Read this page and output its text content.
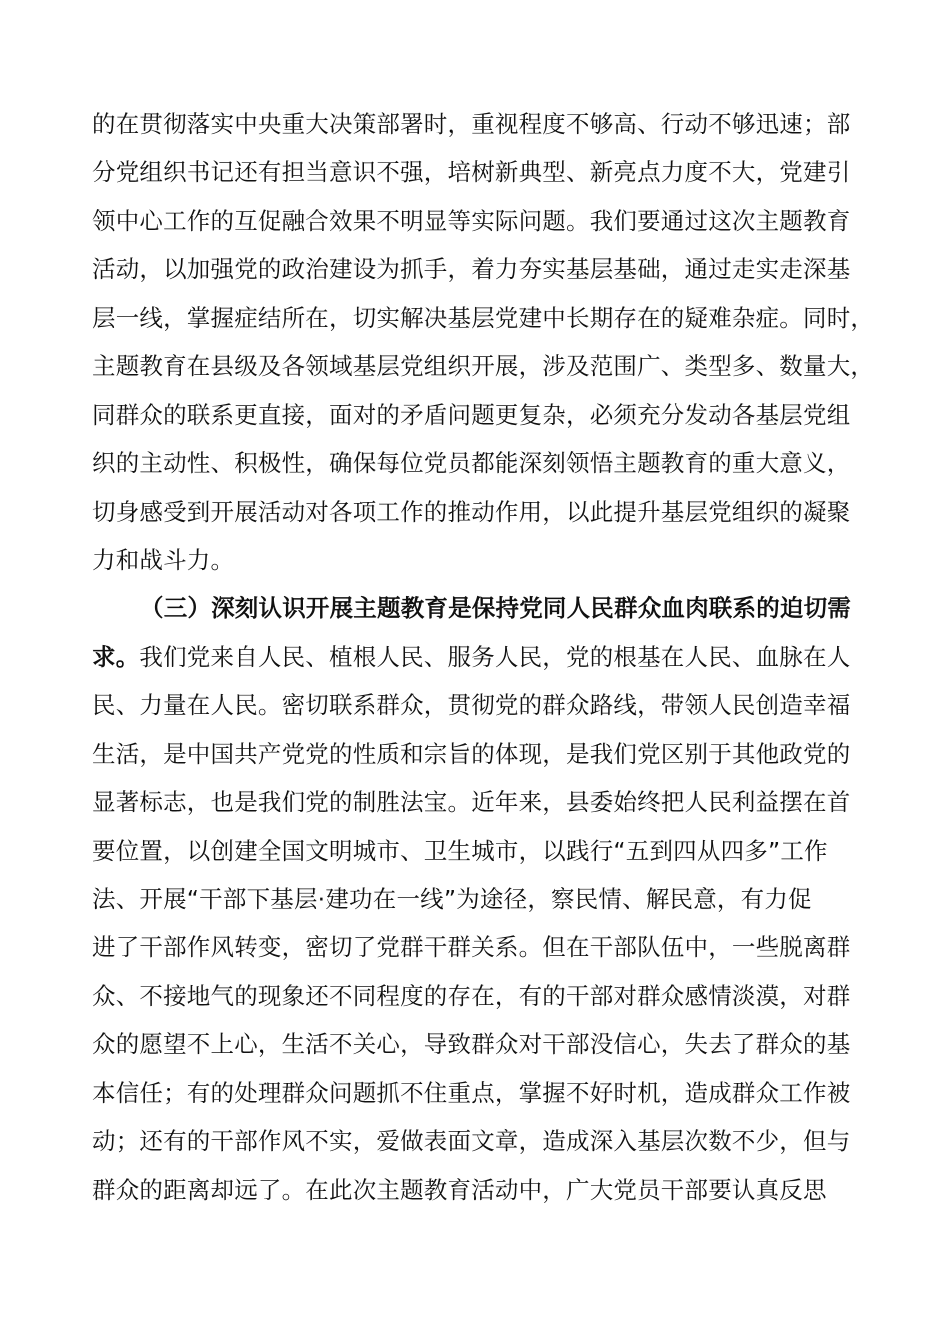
的在贯彻落实中央重大决策部署时，重视程度不够高、行动不够迅速；部
分党组织书记还有担当意识不强，培树新典型、新亮点力度不大，党建引
领中心工作的互促融合效果不明显等实际问题。我们要通过这次主题教育
活动，以加强党的政治建设为抓手，着力夯实基层基础，通过走实走深基
层一线，掌握症结所在，切实解决基层党建中长期存在的疑难杂症。同时，
主题教育在县级及各领域基层党组织开展，涉及范围广、类型多、数量大，
同群众的联系更直接，面对的矛盾问题更复杂，必须充分发动各基层党组
织的主动性、积极性，确保每位党员都能深刻领悟主题教育的重大意义，
切身感受到开展活动对各项工作的推动作用，以此提升基层党组织的凝聚
力和战斗力。
（三）深刻认识开展主题教育是保持党同人民群众血肉联系的迫切需
求。我们党来自人民、植根人民、服务人民，党的根基在人民、血脉在人
民、力量在人民。密切联系群众，贯彻党的群众路线，带领人民创造幸福
生活，是中国共产党党的性质和宗旨的体现，是我们党区别于其他政党的
显著标志，也是我们党的制胜法宝。近年来，县委始终把人民利益摆在首
要位置，以创建全国文明城市、卫生城市，以践行“五到四从四多”工作
法、开展“干部下基层·建功在一线”为途径，察民情、解民意，有力促
进了干部作风转变，密切了党群干群关系。但在干部队伍中，一些脱离群
众、不接地气的现象还不同程度的存在，有的干部对群众感情淡漠，对群
众的愿望不上心，生活不关心，导致群众对干部没信心，失去了群众的基
本信任；有的处理群众问题抓不住重点，掌握不好时机，造成群众工作被
动；还有的干部作风不实，爱做表面文章，造成深入基层次数不少，但与
群众的距离却远了。在此次主题教育活动中，广大党员干部要认真反思
